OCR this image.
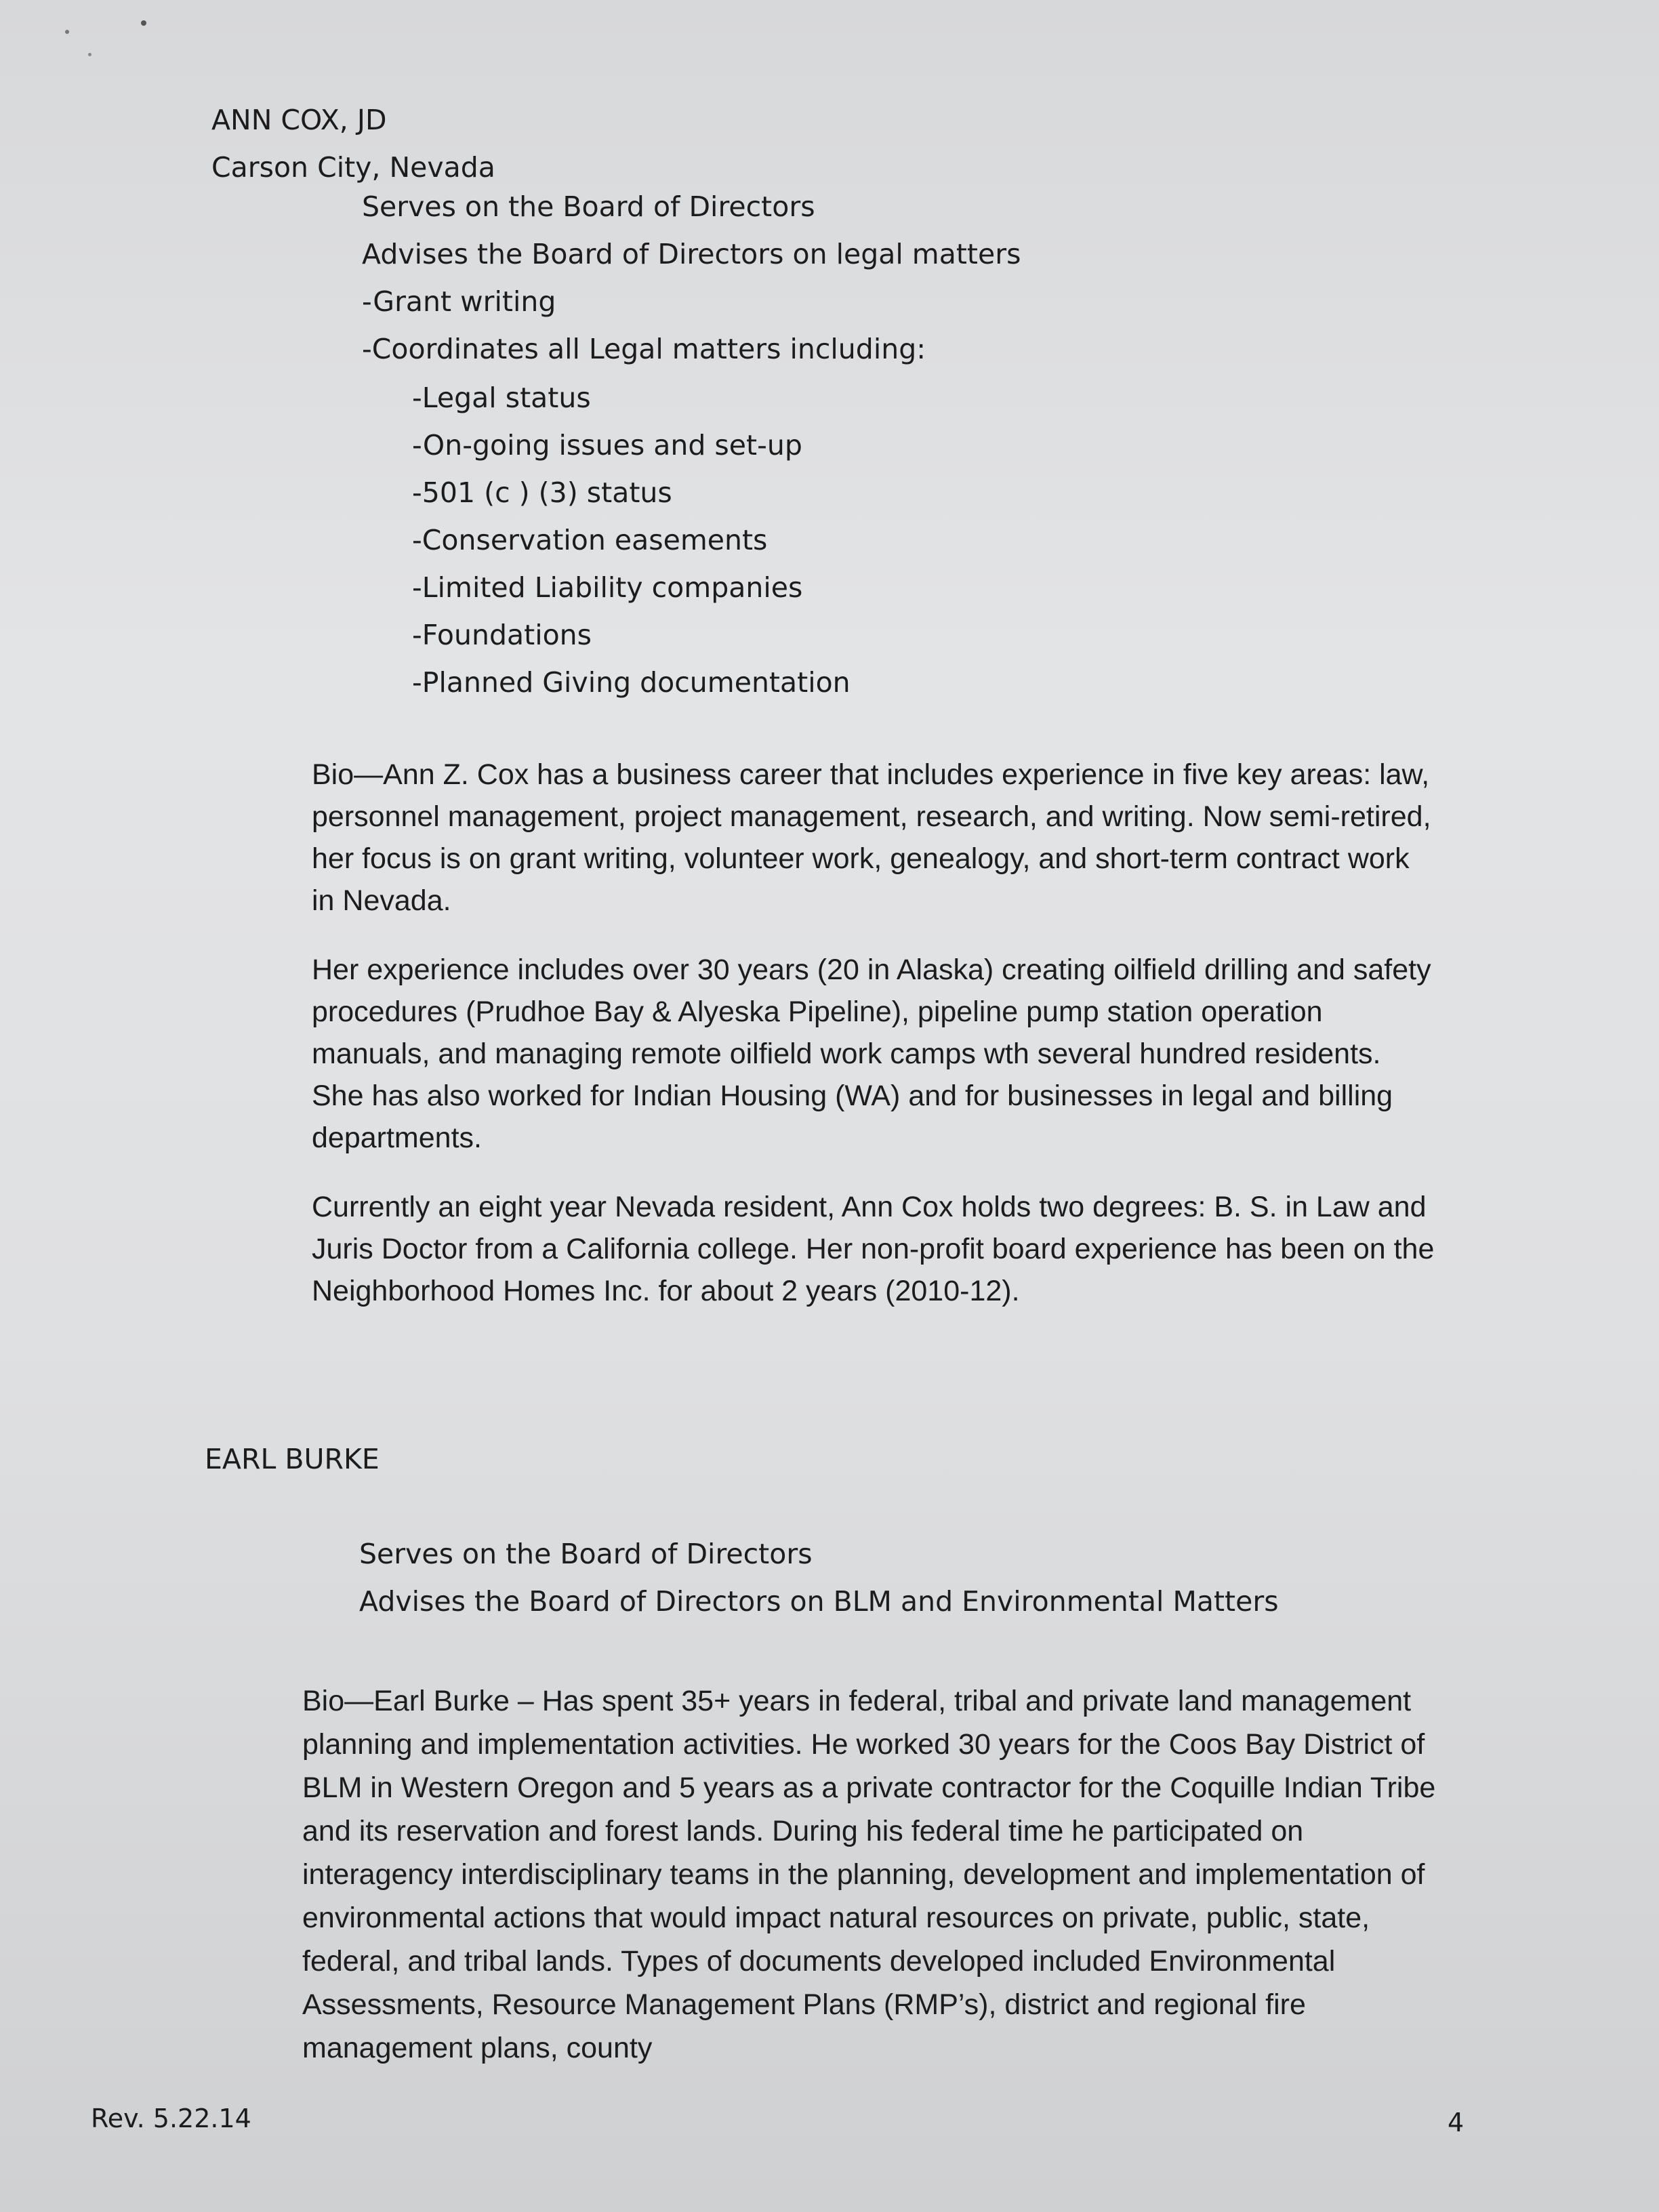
ANN COX, JD
Carson City, Nevada
Serves on the Board of Directors
Advises the Board of Directors on legal matters
-Grant writing
-Coordinates all Legal matters including:
-Legal status
-On-going issues and set-up
-501 (c ) (3) status
-Conservation easements
-Limited Liability companies
-Foundations
-Planned Giving documentation

Bio—Ann Z. Cox has a business career that includes experience in five key areas: law, personnel management, project management, research, and writing. Now semi-retired, her focus is on grant writing, volunteer work, genealogy, and short-term contract work in Nevada.

Her experience includes over 30 years (20 in Alaska) creating oilfield drilling and safety procedures (Prudhoe Bay & Alyeska Pipeline), pipeline pump station operation manuals, and managing remote oilfield work camps wth several hundred residents. She has also worked for Indian Housing (WA) and for businesses in legal and billing departments.

Currently an eight year Nevada resident, Ann Cox holds two degrees: B. S. in Law and Juris Doctor from a California college. Her non-profit board experience has been on the Neighborhood Homes Inc. for about 2 years (2010-12).

EARL BURKE
Serves on the Board of Directors
Advises the Board of Directors on BLM and Environmental Matters

Bio—Earl Burke – Has spent 35+ years in federal, tribal and private land management planning and implementation activities. He worked 30 years for the Coos Bay District of BLM in Western Oregon and 5 years as a private contractor for the Coquille Indian Tribe and its reservation and forest lands. During his federal time he participated on interagency interdisciplinary teams in the planning, development and implementation of environmental actions that would impact natural resources on private, public, state, federal, and tribal lands. Types of documents developed included Environmental Assessments, Resource Management Plans (RMP’s), district and regional fire management plans, county

Rev. 5.22.14	4
